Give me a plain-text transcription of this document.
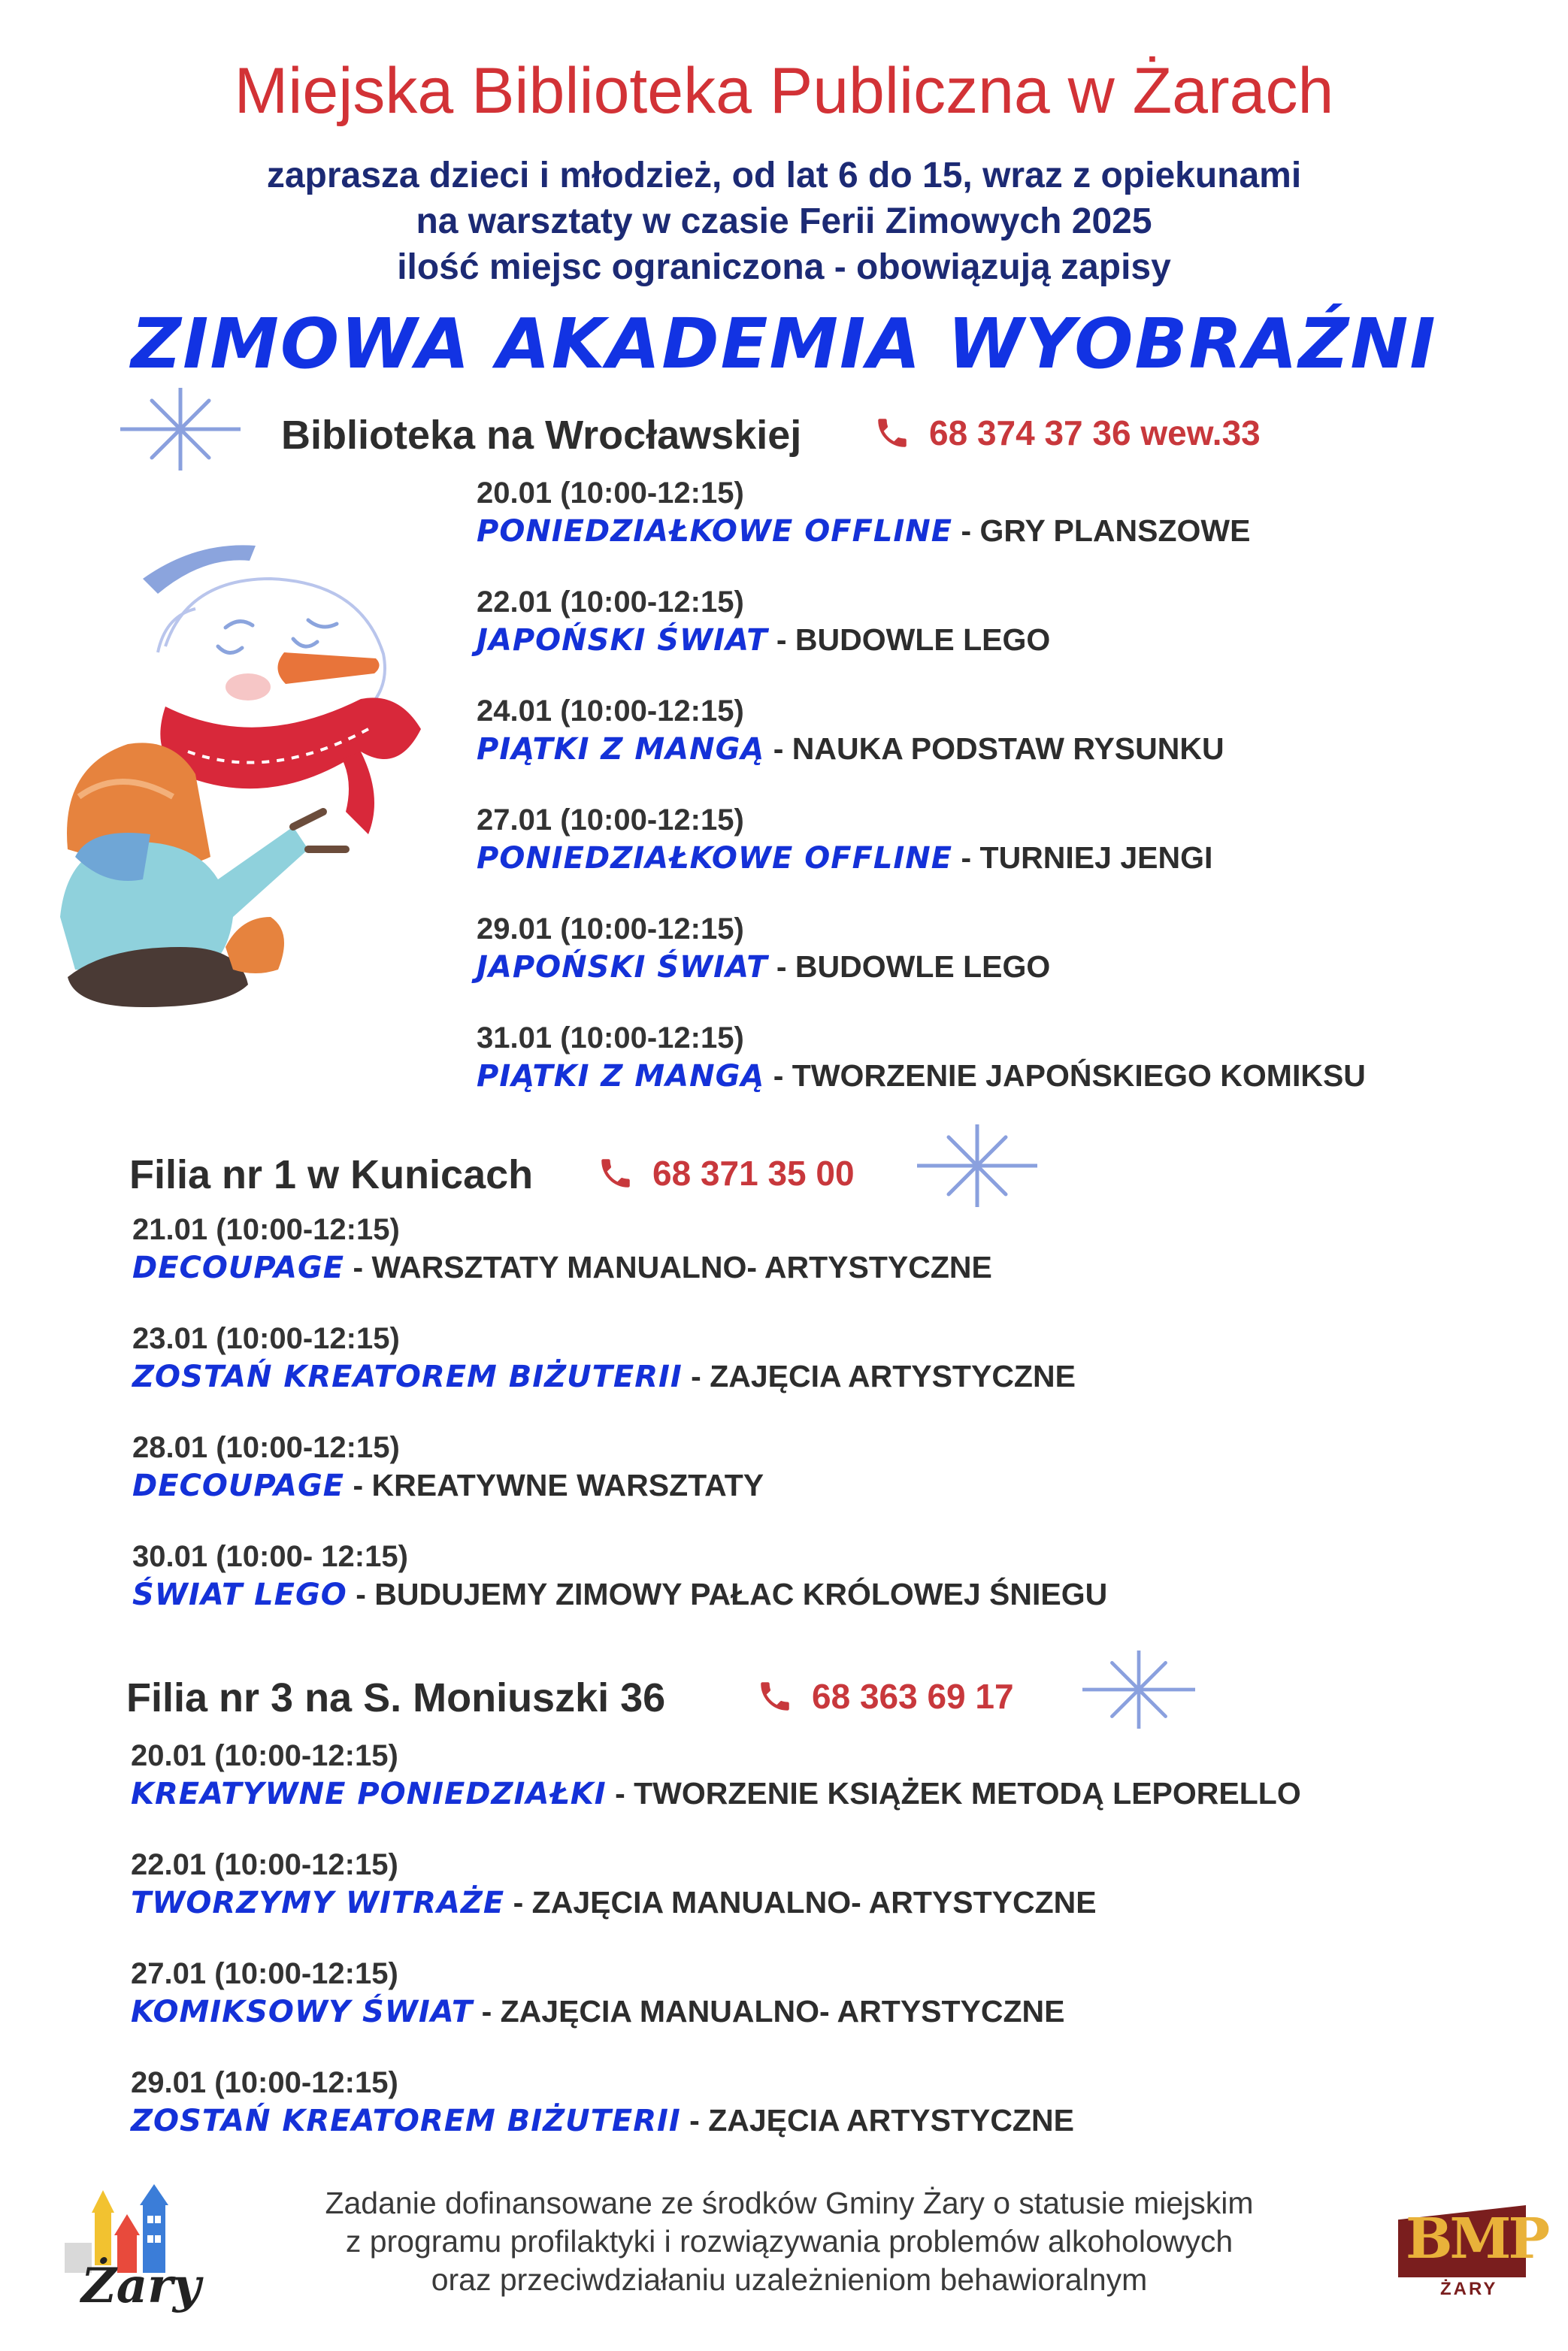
Miejska Biblioteka Publiczna w Żarach
zaprasza dzieci i młodzież, od lat 6 do 15, wraz z opiekunami
na warsztaty w czasie Ferii Zimowych 2025
ilość miejsc ograniczona - obowiązują zapisy
ZIMOWA AKADEMIA WYOBRAŹNI
Biblioteka na Wrocławskiej	68 374 37 36 wew.33
20.01 (10:00-12:15)
PONIEDZIAŁKOWE OFFLINE - GRY PLANSZOWE
22.01 (10:00-12:15)
JAPOŃSKI ŚWIAT - BUDOWLE LEGO
24.01 (10:00-12:15)
PIĄTKI Z MANGĄ - NAUKA PODSTAW RYSUNKU
27.01 (10:00-12:15)
PONIEDZIAŁKOWE OFFLINE - TURNIEJ JENGI
29.01 (10:00-12:15)
JAPOŃSKI ŚWIAT - BUDOWLE LEGO
31.01 (10:00-12:15)
PIĄTKI Z MANGĄ - TWORZENIE JAPOŃSKIEGO KOMIKSU
Filia nr 1 w Kunicach	68 371 35 00
21.01 (10:00-12:15)
DECOUPAGE - WARSZTATY MANUALNO- ARTYSTYCZNE
23.01 (10:00-12:15)
ZOSTAŃ KREATOREM BIŻUTERII - ZAJĘCIA ARTYSTYCZNE
28.01 (10:00-12:15)
DECOUPAGE - KREATYWNE WARSZTATY
30.01 (10:00- 12:15)
ŚWIAT LEGO - BUDUJEMY ZIMOWY PAŁAC KRÓLOWEJ ŚNIEGU
Filia nr 3 na S. Moniuszki 36	68 363 69 17
20.01 (10:00-12:15)
KREATYWNE PONIEDZIAŁKI - TWORZENIE KSIĄŻEK METODĄ LEPORELLO
22.01 (10:00-12:15)
TWORZYMY WITRAŻE - ZAJĘCIA MANUALNO- ARTYSTYCZNE
27.01 (10:00-12:15)
KOMIKSOWY ŚWIAT - ZAJĘCIA MANUALNO- ARTYSTYCZNE
29.01 (10:00-12:15)
ZOSTAŃ KREATOREM BIŻUTERII - ZAJĘCIA ARTYSTYCZNE
Zadanie dofinansowane ze środków Gminy Żary o statusie miejskim
z programu profilaktyki i rozwiązywania problemów alkoholowych
oraz przeciwdziałaniu uzależnieniom behawioralnym
Żary
BMP
ŻARY
